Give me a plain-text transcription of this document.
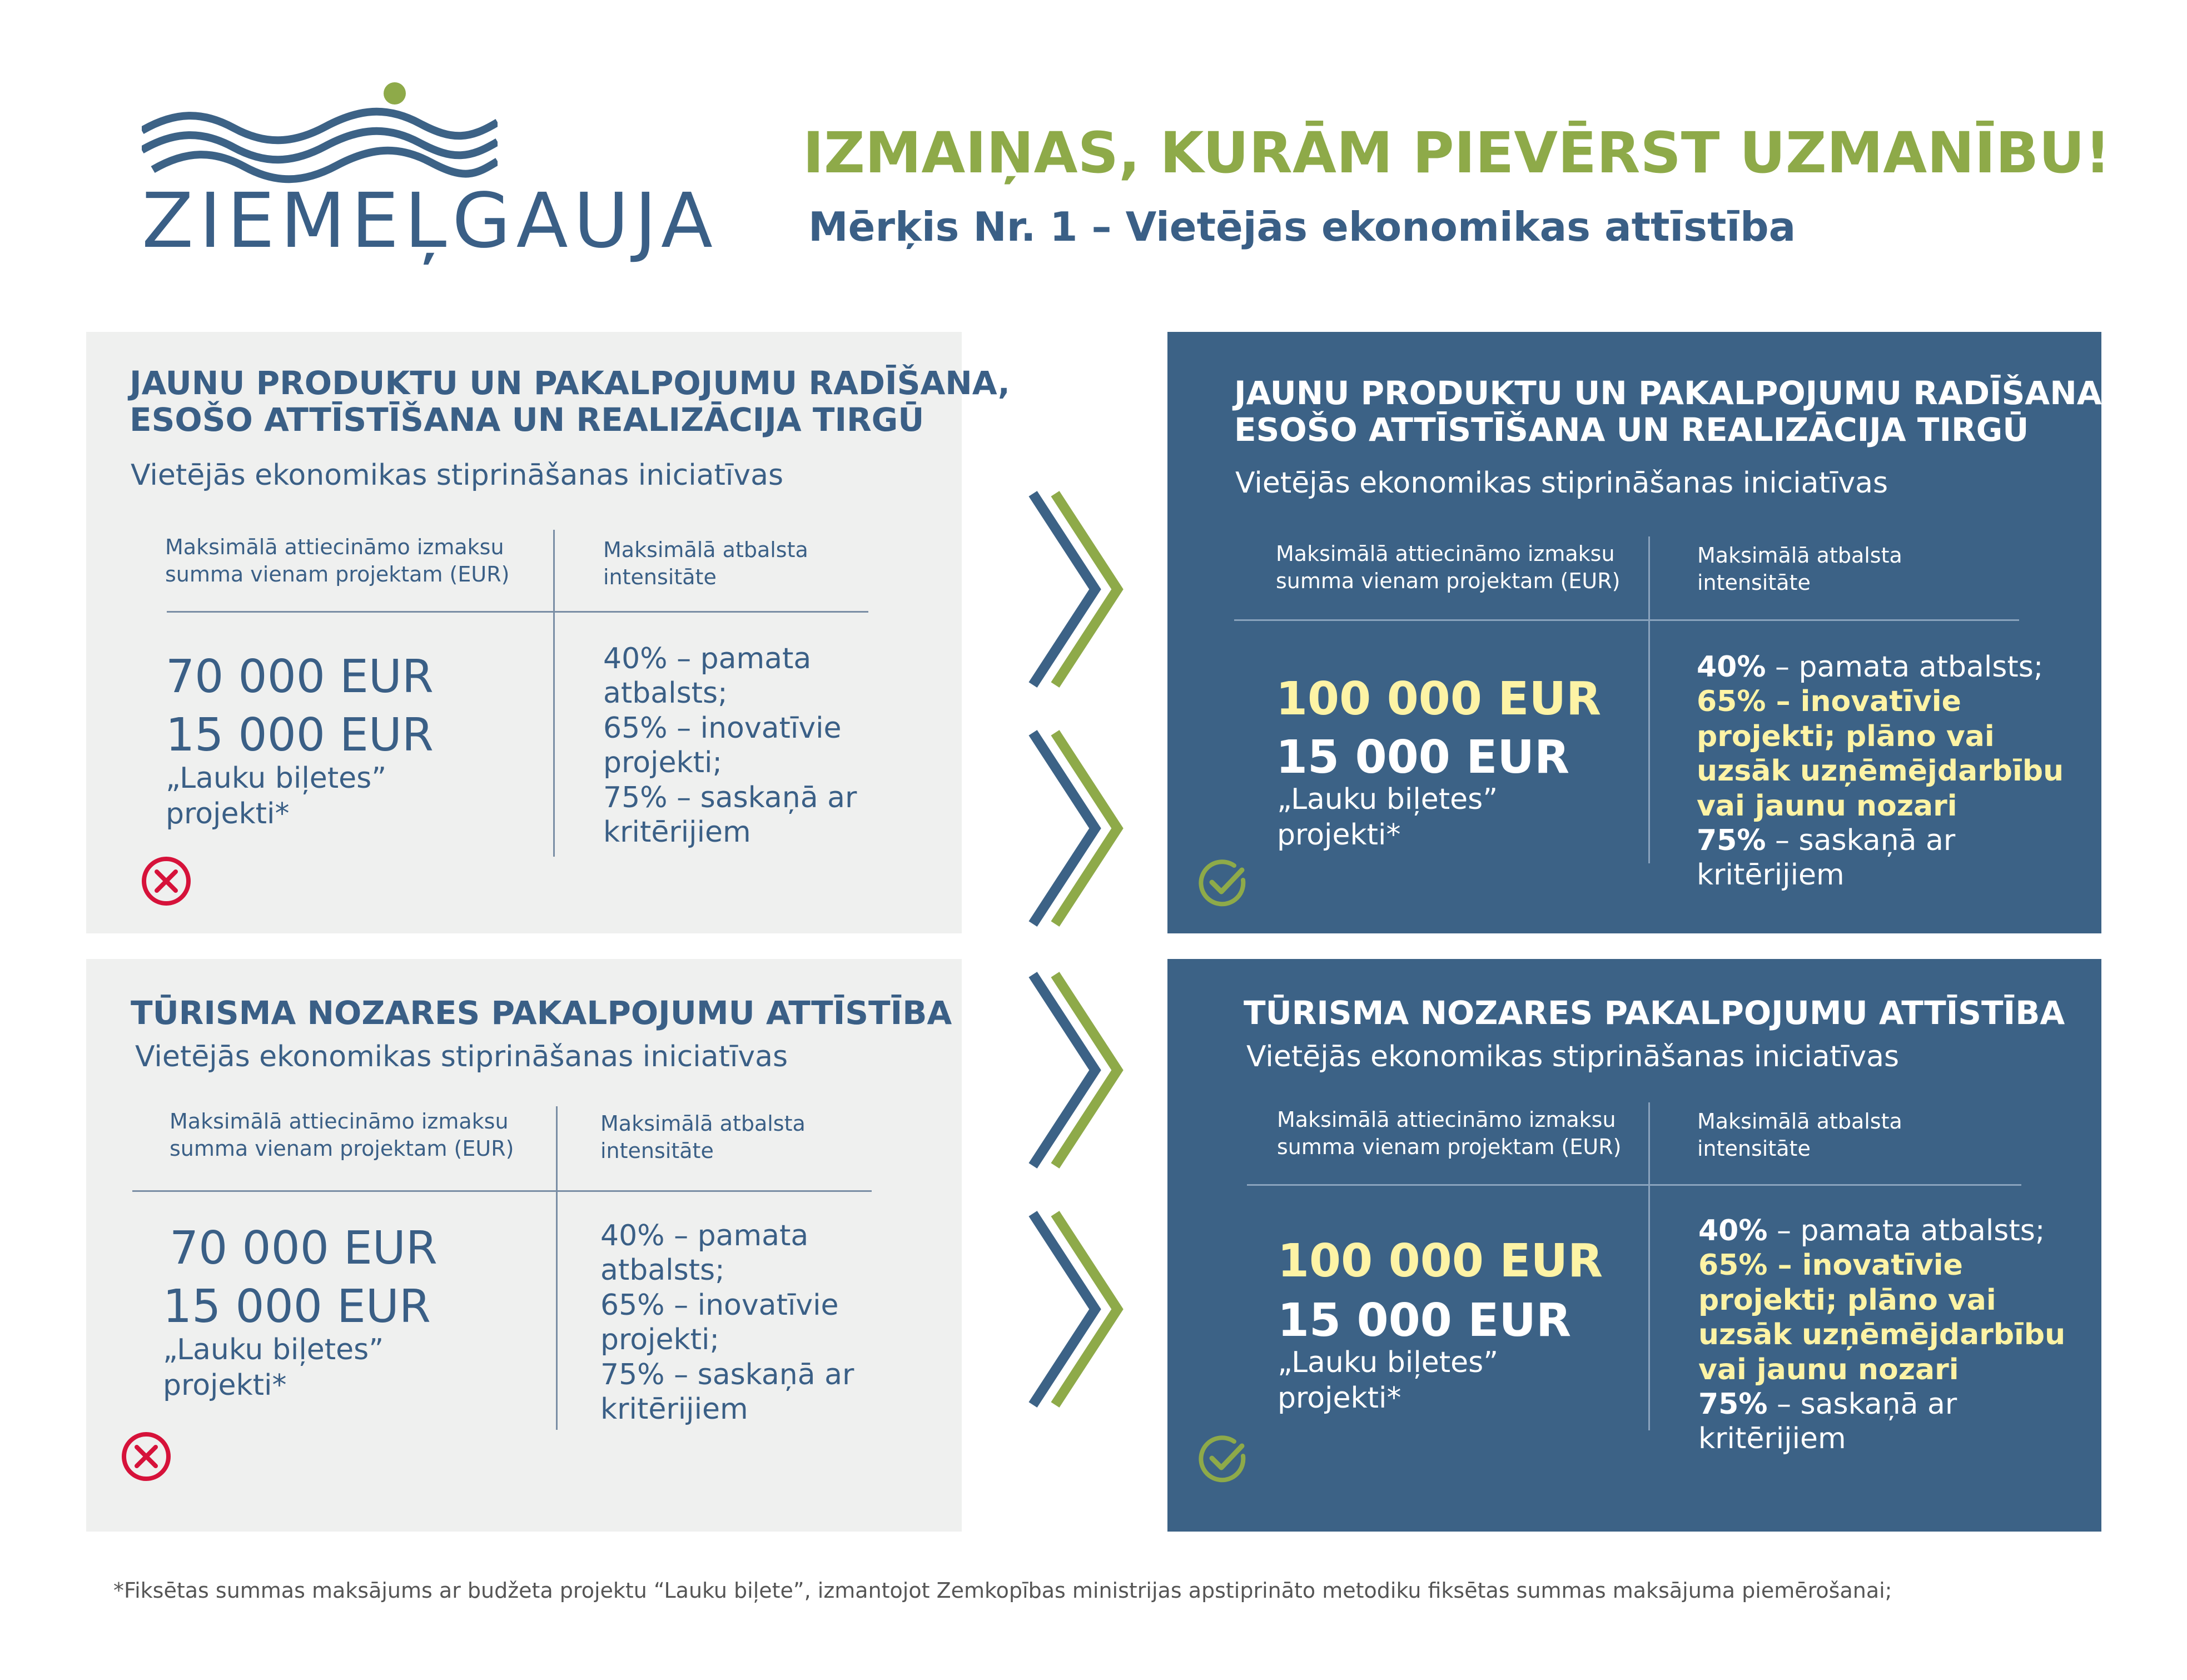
ZIEMEĻGAUJA
IZMAIŅAS, KURĀM PIEVĒRST UZMANĪBU!
Mērķis Nr. 1 – Vietējās ekonomikas attīstība
JAUNU PRODUKTU UN PAKALPOJUMU RADĪŠANA,
ESOŠO ATTĪSTĪŠANA UN REALIZĀCIJA TIRGŪ
Vietējās ekonomikas stiprināšanas iniciatīvas
Maksimālā attiecināmo izmaksu
summa vienam projektam (EUR)
Maksimālā atbalsta
intensitāte
70 000 EUR
15 000 EUR
„Lauku biļetes”
projekti*
40% – pamata
atbalsts;
65% – inovatīvie
projekti;
75% – saskaņā ar
kritērijiem
JAUNU PRODUKTU UN PAKALPOJUMU RADĪŠANA,
ESOŠO ATTĪSTĪŠANA UN REALIZĀCIJA TIRGŪ
Vietējās ekonomikas stiprināšanas iniciatīvas
Maksimālā attiecināmo izmaksu
summa vienam projektam (EUR)
Maksimālā atbalsta
intensitāte
100 000 EUR
15 000 EUR
„Lauku biļetes”
projekti*
40% – pamata atbalsts;
65% – inovatīvie
projekti; plāno vai
uzsāk uzņēmējdarbību
vai jaunu nozari
75% – saskaņā ar
kritērijiem
TŪRISMA NOZARES PAKALPOJUMU ATTĪSTĪBA
Vietējās ekonomikas stiprināšanas iniciatīvas
Maksimālā attiecināmo izmaksu
summa vienam projektam (EUR)
Maksimālā atbalsta
intensitāte
70 000 EUR
15 000 EUR
„Lauku biļetes”
projekti*
40% – pamata
atbalsts;
65% – inovatīvie
projekti;
75% – saskaņā ar
kritērijiem
TŪRISMA NOZARES PAKALPOJUMU ATTĪSTĪBA
Vietējās ekonomikas stiprināšanas iniciatīvas
Maksimālā attiecināmo izmaksu
summa vienam projektam (EUR)
Maksimālā atbalsta
intensitāte
100 000 EUR
15 000 EUR
„Lauku biļetes”
projekti*
40% – pamata atbalsts;
65% – inovatīvie
projekti; plāno vai
uzsāk uzņēmējdarbību
vai jaunu nozari
75% – saskaņā ar
kritērijiem
*Fiksētas summas maksājums ar budžeta projektu “Lauku biļete”, izmantojot Zemkopības ministrijas apstiprināto metodiku fiksētas summas maksājuma piemērošanai;
